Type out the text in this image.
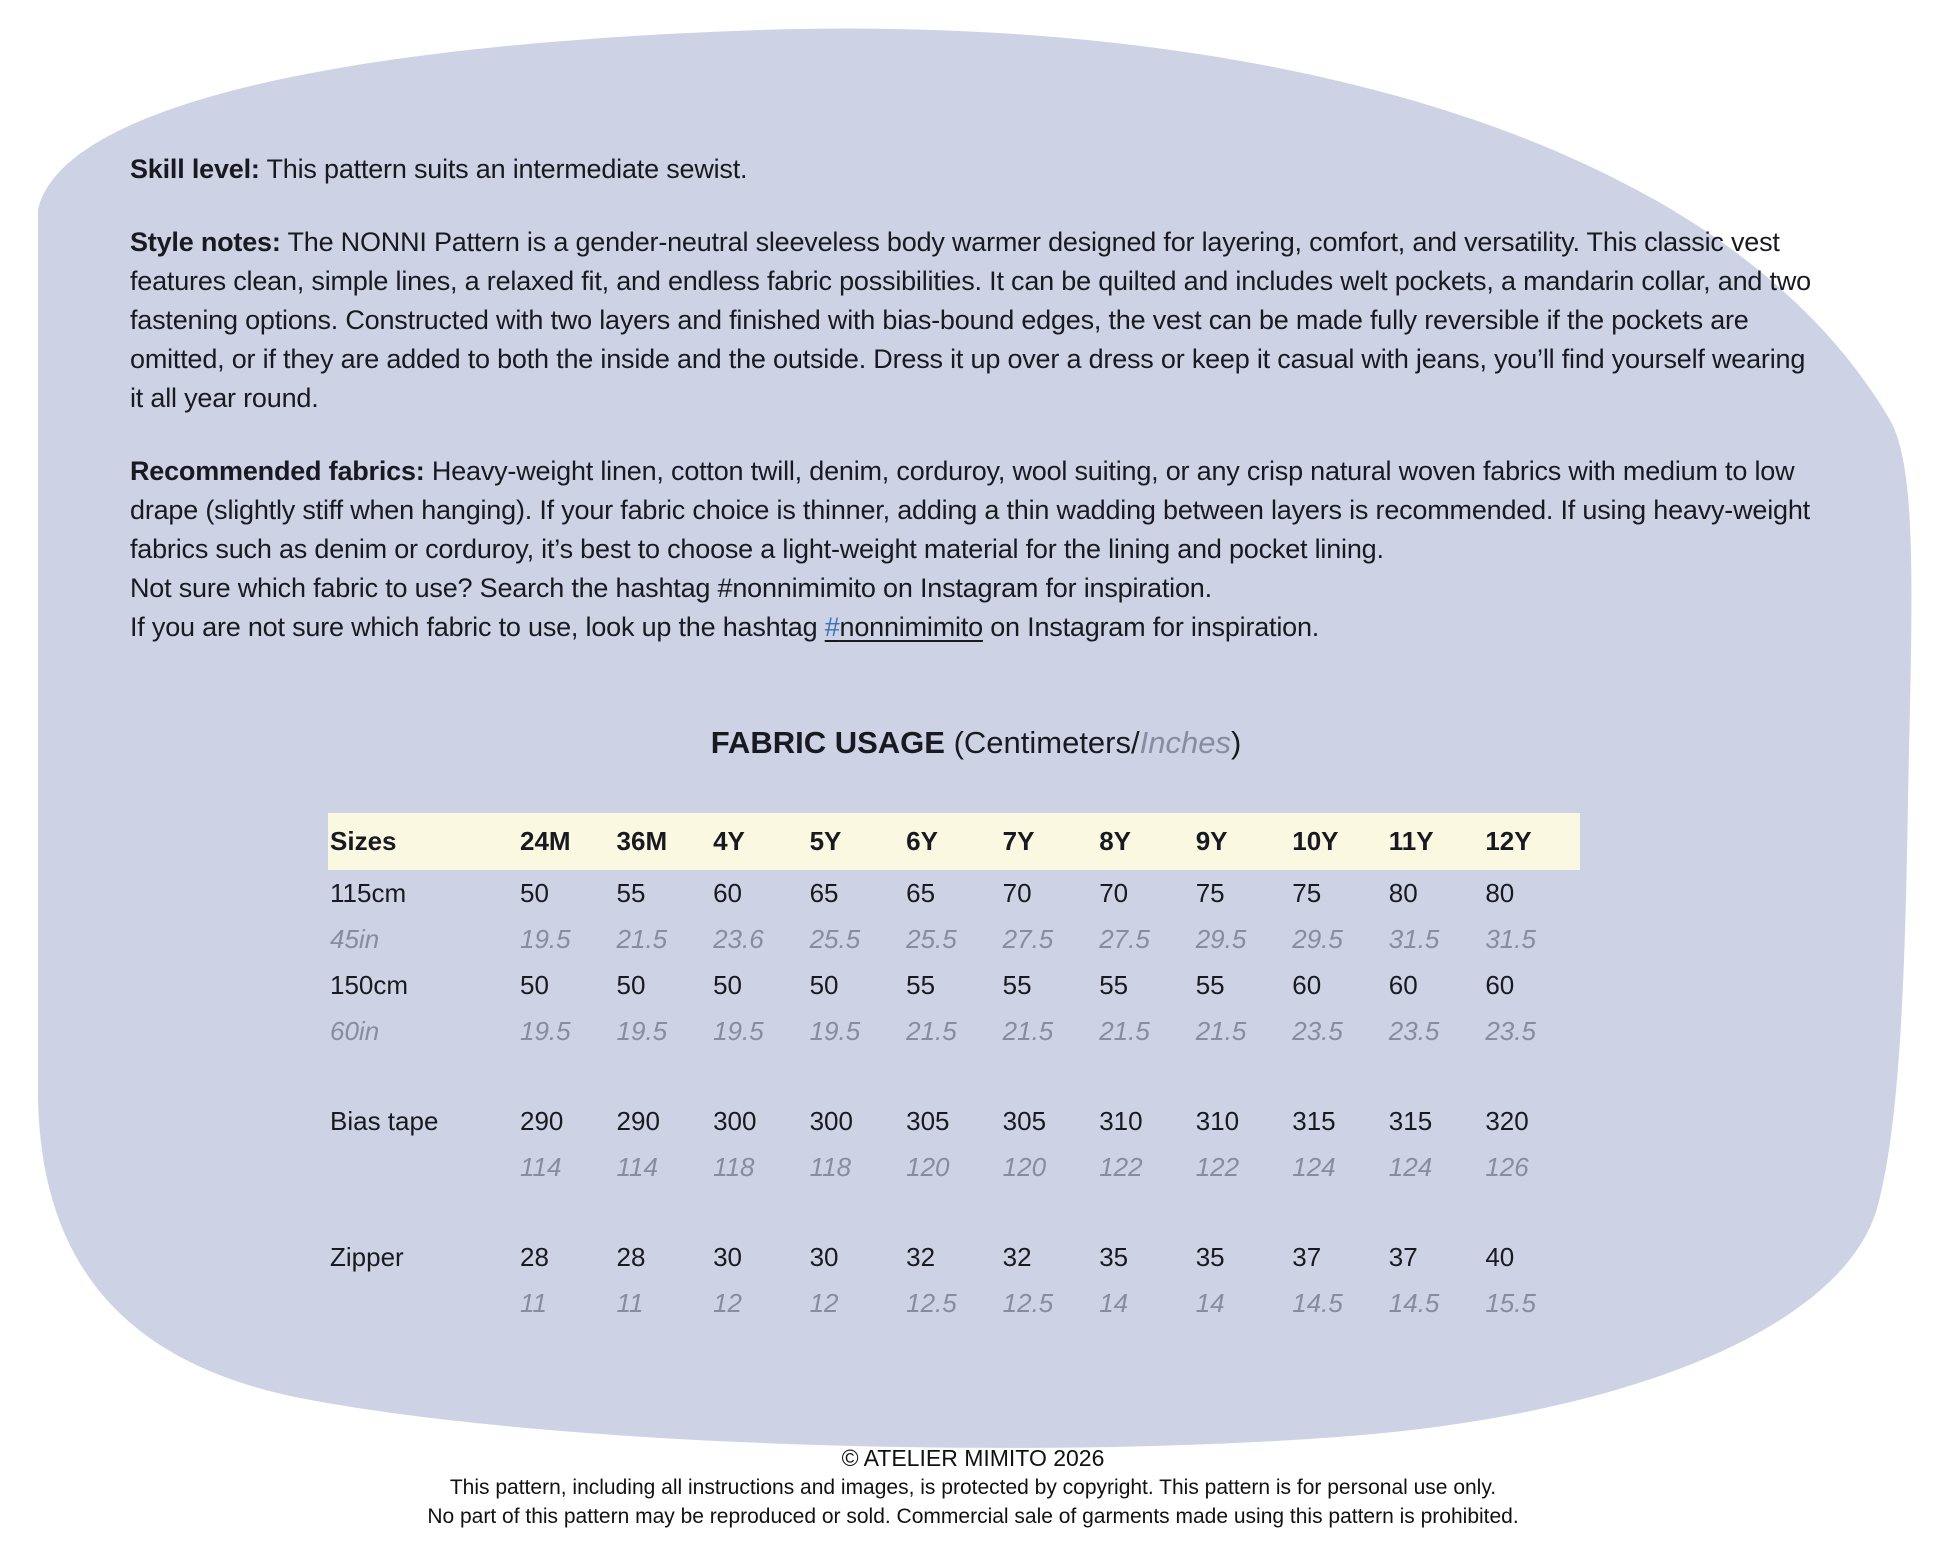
Skill level: This pattern suits an intermediate sewist.

Style notes: The NONNI Pattern is a gender-neutral sleeveless body warmer designed for layering, comfort, and versatility. This classic vest features clean, simple lines, a relaxed fit, and endless fabric possibilities. It can be quilted and includes welt pockets, a mandarin collar, and two fastening options. Constructed with two layers and finished with bias-bound edges, the vest can be made fully reversible if the pockets are omitted, or if they are added to both the inside and the outside. Dress it up over a dress or keep it casual with jeans, you’ll find yourself wearing it all year round.

Recommended fabrics: Heavy-weight linen, cotton twill, denim, corduroy, wool suiting, or any crisp natural woven fabrics with medium to low drape (slightly stiff when hanging). If your fabric choice is thinner, adding a thin wadding between layers is recommended. If using heavy-weight fabrics such as denim or corduroy, it’s best to choose a light-weight material for the lining and pocket lining.

Not sure which fabric to use? Search the hashtag #nonnimimito on Instagram for inspiration.

If you are not sure which fabric to use, look up the hashtag #nonnimimito on Instagram for inspiration.

FABRIC USAGE (Centimeters/Inches)
Sizes	24M	36M	4Y	5Y	6Y	7Y	8Y	9Y	10Y	11Y	12Y
115cm	50	55	60	65	65	70	70	75	75	80	80
45in	19.5	21.5	23.6	25.5	25.5	27.5	27.5	29.5	29.5	31.5	31.5
150cm	50	50	50	50	55	55	55	55	60	60	60
60in	19.5	19.5	19.5	19.5	21.5	21.5	21.5	21.5	23.5	23.5	23.5

Bias tape	290	290	300	300	305	305	310	310	315	315	320
	114	114	118	118	120	120	122	122	124	124	126

Zipper	28	28	30	30	32	32	35	35	37	37	40
	11	11	12	12	12.5	12.5	14	14	14.5	14.5	15.5
© ATELIER MIMITO 2026
This pattern, including all instructions and images, is protected by copyright. This pattern is for personal use only.
No part of this pattern may be reproduced or sold. Commercial sale of garments made using this pattern is prohibited.
